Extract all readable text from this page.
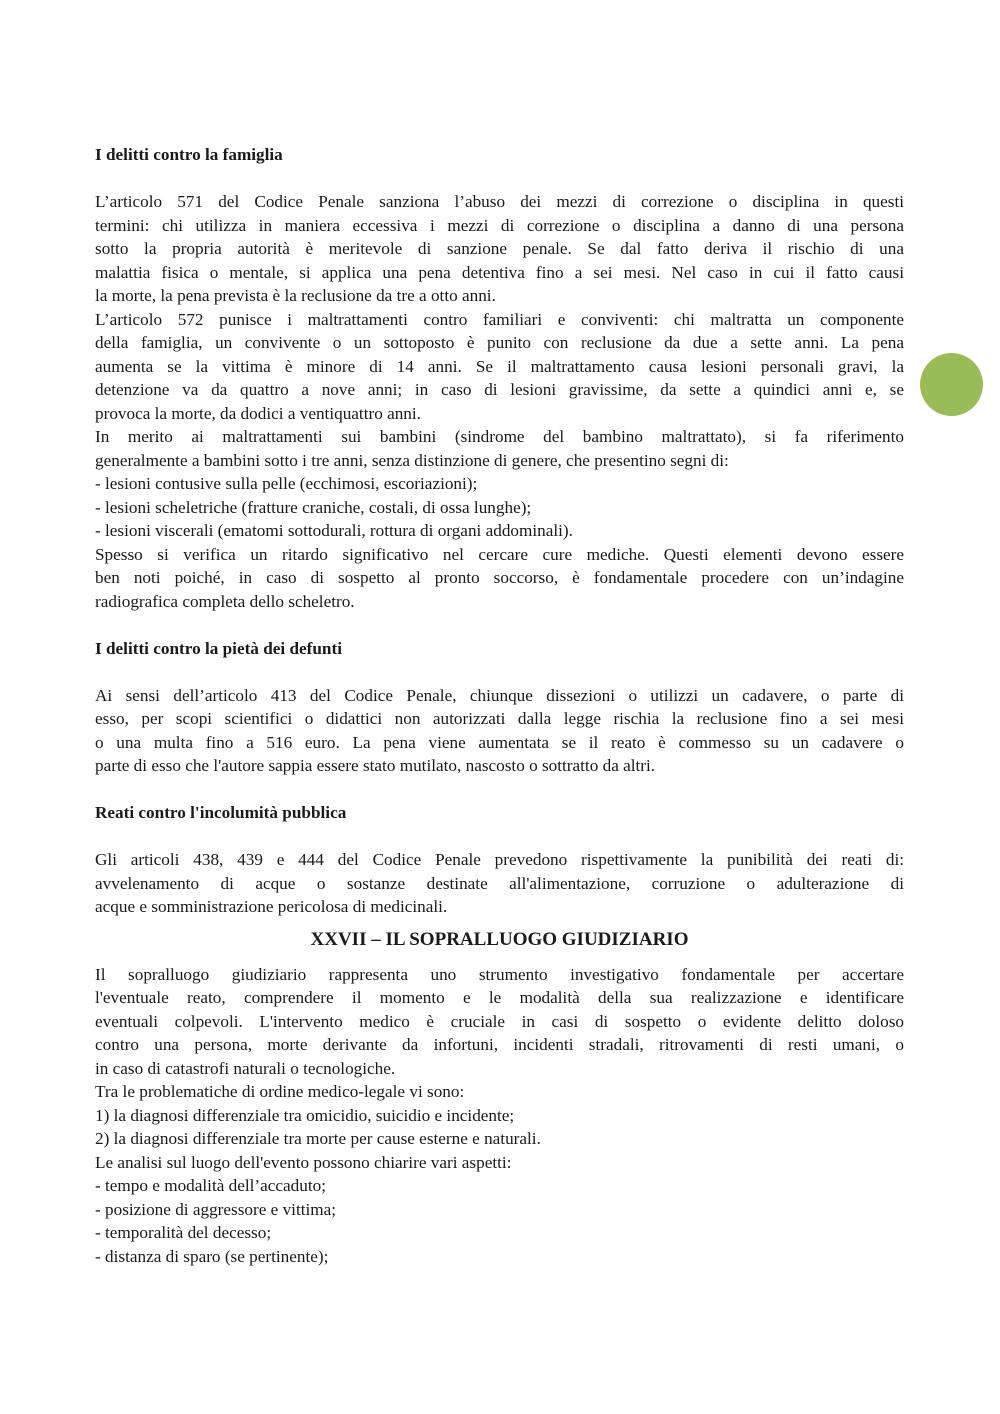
I delitti contro la famiglia
L’articolo 571 del Codice Penale sanziona l’abuso dei mezzi di correzione o disciplina in questi
termini: chi utilizza in maniera eccessiva i mezzi di correzione o disciplina a danno di una persona
sotto la propria autorità è meritevole di sanzione penale. Se dal fatto deriva il rischio di una
malattia fisica o mentale, si applica una pena detentiva fino a sei mesi. Nel caso in cui il fatto causi
la morte, la pena prevista è la reclusione da tre a otto anni.
L’articolo 572 punisce i maltrattamenti contro familiari e conviventi: chi maltratta un componente
della famiglia, un convivente o un sottoposto è punito con reclusione da due a sette anni. La pena
aumenta se la vittima è minore di 14 anni. Se il maltrattamento causa lesioni personali gravi, la
detenzione va da quattro a nove anni; in caso di lesioni gravissime, da sette a quindici anni e, se
provoca la morte, da dodici a ventiquattro anni.
In merito ai maltrattamenti sui bambini (sindrome del bambino maltrattato), si fa riferimento
generalmente a bambini sotto i tre anni, senza distinzione di genere, che presentino segni di:
- lesioni contusive sulla pelle (ecchimosi, escoriazioni);
- lesioni scheletriche (fratture craniche, costali, di ossa lunghe);
- lesioni viscerali (ematomi sottodurali, rottura di organi addominali).
Spesso si verifica un ritardo significativo nel cercare cure mediche. Questi elementi devono essere
ben noti poiché, in caso di sospetto al pronto soccorso, è fondamentale procedere con un’indagine
radiografica completa dello scheletro.
I delitti contro la pietà dei defunti
Ai sensi dell’articolo 413 del Codice Penale, chiunque dissezioni o utilizzi un cadavere, o parte di
esso, per scopi scientifici o didattici non autorizzati dalla legge rischia la reclusione fino a sei mesi
o una multa fino a 516 euro. La pena viene aumentata se il reato è commesso su un cadavere o
parte di esso che l'autore sappia essere stato mutilato, nascosto o sottratto da altri.
Reati contro l'incolumità pubblica
Gli articoli 438, 439 e 444 del Codice Penale prevedono rispettivamente la punibilità dei reati di:
avvelenamento di acque o sostanze destinate all'alimentazione, corruzione o adulterazione di
acque e somministrazione pericolosa di medicinali.
XXVII – IL SOPRALLUOGO GIUDIZIARIO
Il sopralluogo giudiziario rappresenta uno strumento investigativo fondamentale per accertare
l'eventuale reato, comprendere il momento e le modalità della sua realizzazione e identificare
eventuali colpevoli. L'intervento medico è cruciale in casi di sospetto o evidente delitto doloso
contro una persona, morte derivante da infortuni, incidenti stradali, ritrovamenti di resti umani, o
in caso di catastrofi naturali o tecnologiche.
Tra le problematiche di ordine medico-legale vi sono:
1) la diagnosi differenziale tra omicidio, suicidio e incidente;
2) la diagnosi differenziale tra morte per cause esterne e naturali.
Le analisi sul luogo dell'evento possono chiarire vari aspetti:
- tempo e modalità dell’accaduto;
- posizione di aggressore e vittima;
- temporalità del decesso;
- distanza di sparo (se pertinente);
